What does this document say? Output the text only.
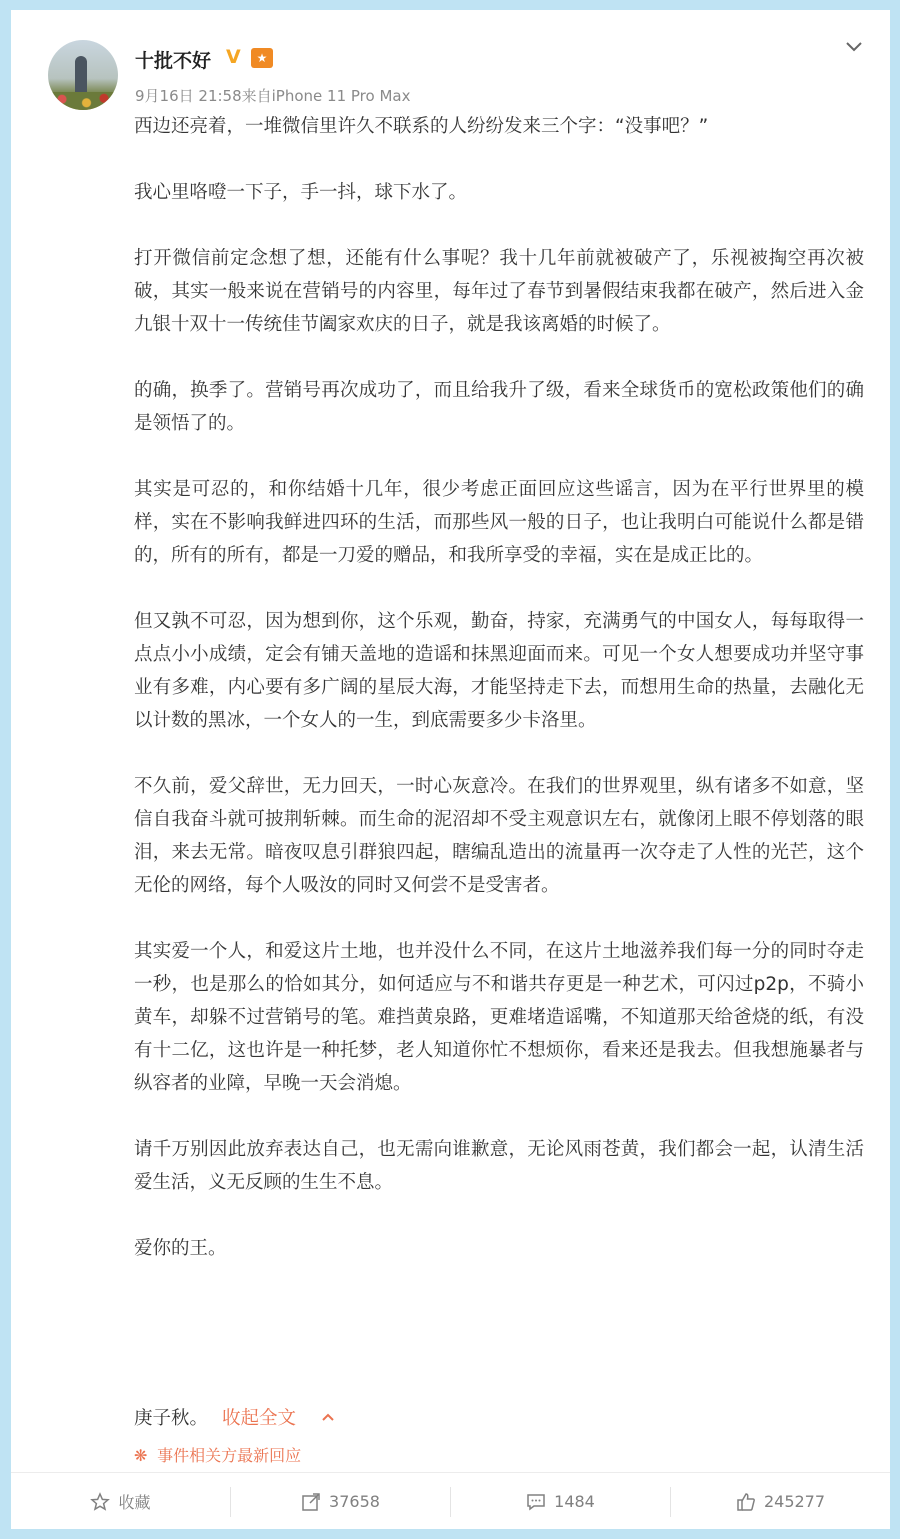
十批不好 V	★
9月16日 21:58来自iPhone 11 Pro Max

西边还亮着，一堆微信里许久不联系的人纷纷发来三个字：“没事吧？”

我心里咯噔一下子，手一抖，球下水了。

打开微信前定念想了想，还能有什么事呢？我十几年前就被破产了，乐视被掏空再次被破，其实一般来说在营销号的内容里，每年过了春节到暑假结束我都在破产，然后进入金九银十双十一传统佳节阖家欢庆的日子，就是我该离婚的时候了。

的确，换季了。营销号再次成功了，而且给我升了级，看来全球货币的宽松政策他们的确是领悟了的。

其实是可忍的，和你结婚十几年，很少考虑正面回应这些谣言，因为在平行世界里的模样，实在不影响我鲜进四环的生活，而那些风一般的日子，也让我明白可能说什么都是错的，所有的所有，都是一刀爱的赠品，和我所享受的幸福，实在是成正比的。

但又孰不可忍，因为想到你，这个乐观，勤奋，持家，充满勇气的中国女人，每每取得一点点小小成绩，定会有铺天盖地的造谣和抹黑迎面而来。可见一个女人想要成功并坚守事业有多难，内心要有多广阔的星辰大海，才能坚持走下去，而想用生命的热量，去融化无以计数的黑冰，一个女人的一生，到底需要多少卡洛里。

不久前，爱父辞世，无力回天，一时心灰意冷。在我们的世界观里，纵有诸多不如意，坚信自我奋斗就可披荆斩棘。而生命的泥沼却不受主观意识左右，就像闭上眼不停划落的眼泪，来去无常。暗夜叹息引群狼四起，瞎编乱造出的流量再一次夺走了人性的光芒，这个无伦的网络，每个人吸汝的同时又何尝不是受害者。

其实爱一个人，和爱这片土地，也并没什么不同，在这片土地滋养我们每一分的同时夺走一秒，也是那么的恰如其分，如何适应与不和谐共存更是一种艺术，可闪过p2p，不骑小黄车，却躲不过营销号的笔。难挡黄泉路，更难堵造谣嘴，不知道那天给爸烧的纸，有没有十二亿，这也许是一种托梦，老人知道你忙不想烦你，看来还是我去。但我想施暴者与纵容者的业障，早晚一天会消熄。

请千万别因此放弃表达自己，也无需向谁歉意，无论风雨苍黄，我们都会一起，认清生活爱生活，义无反顾的生生不息。

爱你的王。

庚子秋。 收起全文
❋ 事件相关方最新回应
收藏	37658	1484	245277
